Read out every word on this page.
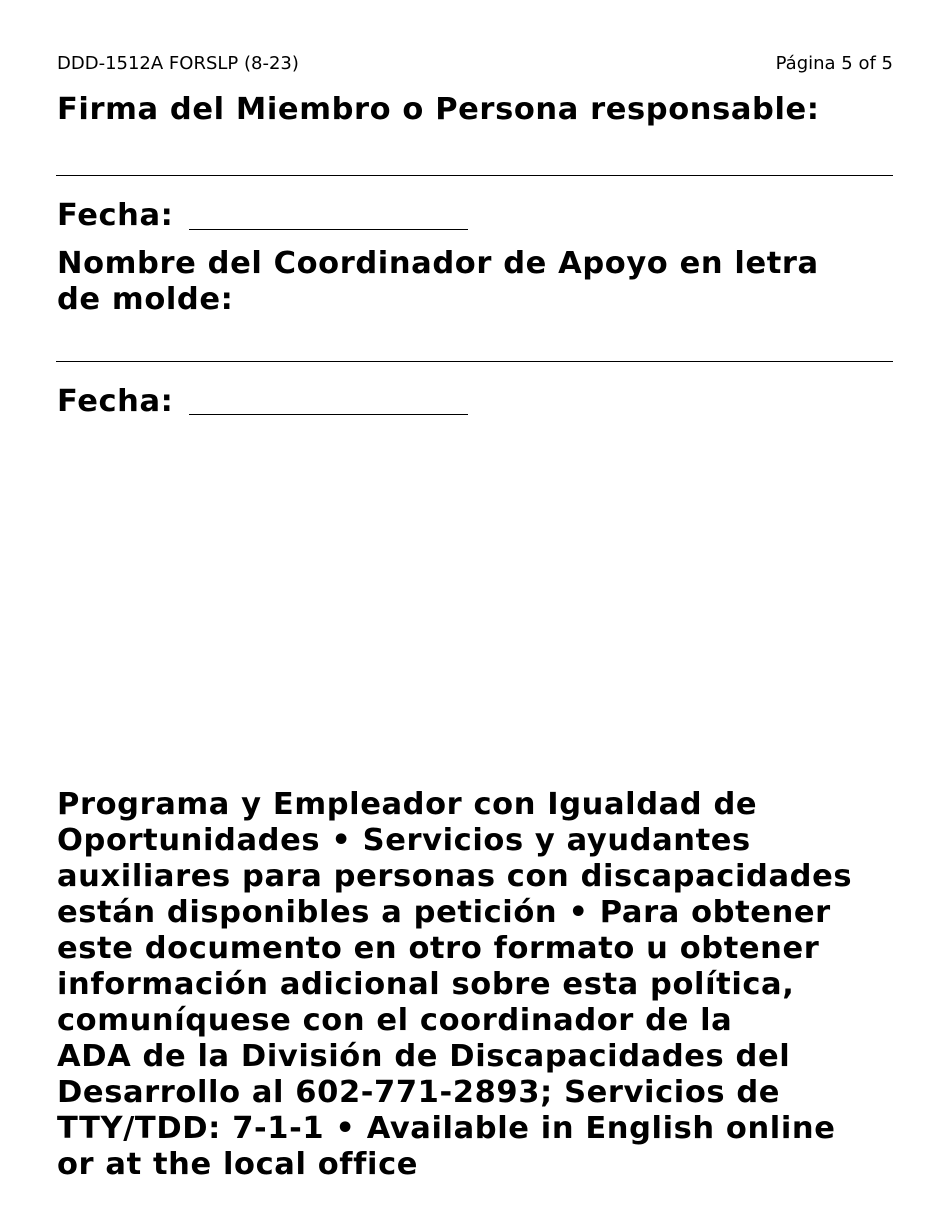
DDD-1512A FORSLP (8-23)	Página 5 of 5
Firma del Miembro o Persona responsable:
Fecha:
Nombre del Coordinador de Apoyo en letra
de molde:
Fecha:
Programa y Empleador con Igualdad de
Oportunidades • Servicios y ayudantes
auxiliares para personas con discapacidades
están disponibles a petición • Para obtener
este documento en otro formato u obtener
información adicional sobre esta política,
comuníquese con el coordinador de la
ADA de la División de Discapacidades del
Desarrollo al 602-771-2893; Servicios de
TTY/TDD: 7-1-1 • Available in English online
or at the local office
